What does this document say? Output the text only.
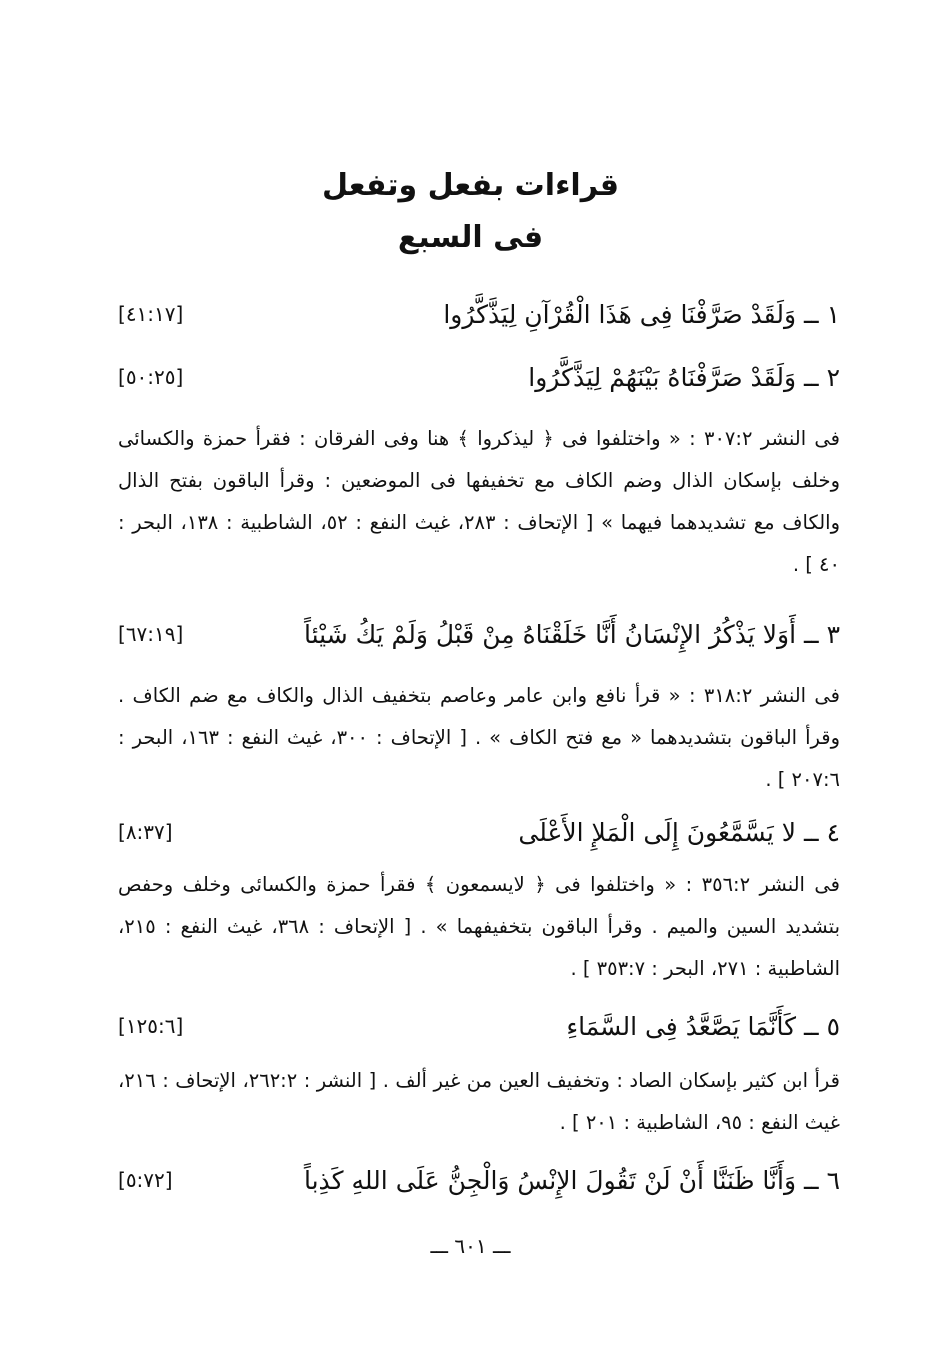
قراءات بفعل وتفعل
فى السبع
[٤١:١٧]	١ ــ وَلَقَدْ صَرَّفْنَا فِى هَذَا الْقُرْآنِ لِيَذَّكَّرُوا
[٥٠:٢٥]	٢ ــ وَلَقَدْ صَرَّفْنَاهُ بَيْنَهُمْ لِيَذَّكَّرُوا
فى النشر ٣٠٧:٢ : « واختلفوا فى ﴿ ليذكروا ﴾ هنا وفى الفرقان : فقرأ حمزة والكسائى وخلف بإسكان الذال وضم الكاف مع تخفيفها فى الموضعين : وقرأ الباقون بفتح الذال والكاف مع تشديدهما فيهما » [ الإتحاف : ٢٨٣، غيث النفع : ٥٢، الشاطبية : ١٣٨، البحر : ٤٠ ] .
[٦٧:١٩]	٣ ــ أَوَلا يَذْكُرُ الإِنْسَانُ أَنَّا خَلَقْنَاهُ مِنْ قَبْلُ وَلَمْ يَكُ شَيْئاً
فى النشر ٣١٨:٢ : « قرأ نافع وابن عامر وعاصم بتخفيف الذال والكاف مع ضم الكاف . وقرأ الباقون بتشديدهما « مع فتح الكاف » . [ الإتحاف : ٣٠٠، غيث النفع : ١٦٣، البحر : ٢٠٧:٦ ] .
[٨:٣٧]	٤ ــ لا يَسَّمَّعُونَ إِلَى الْمَلإِ الأَعْلَى
فى النشر ٣٥٦:٢ : « واختلفوا فى ﴿ لايسمعون ﴾ فقرأ حمزة والكسائى وخلف وحفص بتشديد السين والميم . وقرأ الباقون بتخفيفهما » . [ الإتحاف : ٣٦٨، غيث النفع : ٢١٥، الشاطبية : ٢٧١، البحر : ٣٥٣:٧ ] .
[١٢٥:٦]	٥ ــ كَأَنَّمَا يَصَّعَّدُ فِى السَّمَاءِ
قرأ ابن كثير بإسكان الصاد : وتخفيف العين من غير ألف . [ النشر : ٢٦٢:٢، الإتحاف : ٢١٦، غيث النفع : ٩٥، الشاطبية : ٢٠١ ] .
[٥:٧٢]	٦ ــ وَأَنَّا ظَنَنَّا أَنْ لَنْ تَقُولَ الإِنْسُ وَالْجِنُّ عَلَى اللهِ كَذِباً
ـــ ٦٠١ ـــ
